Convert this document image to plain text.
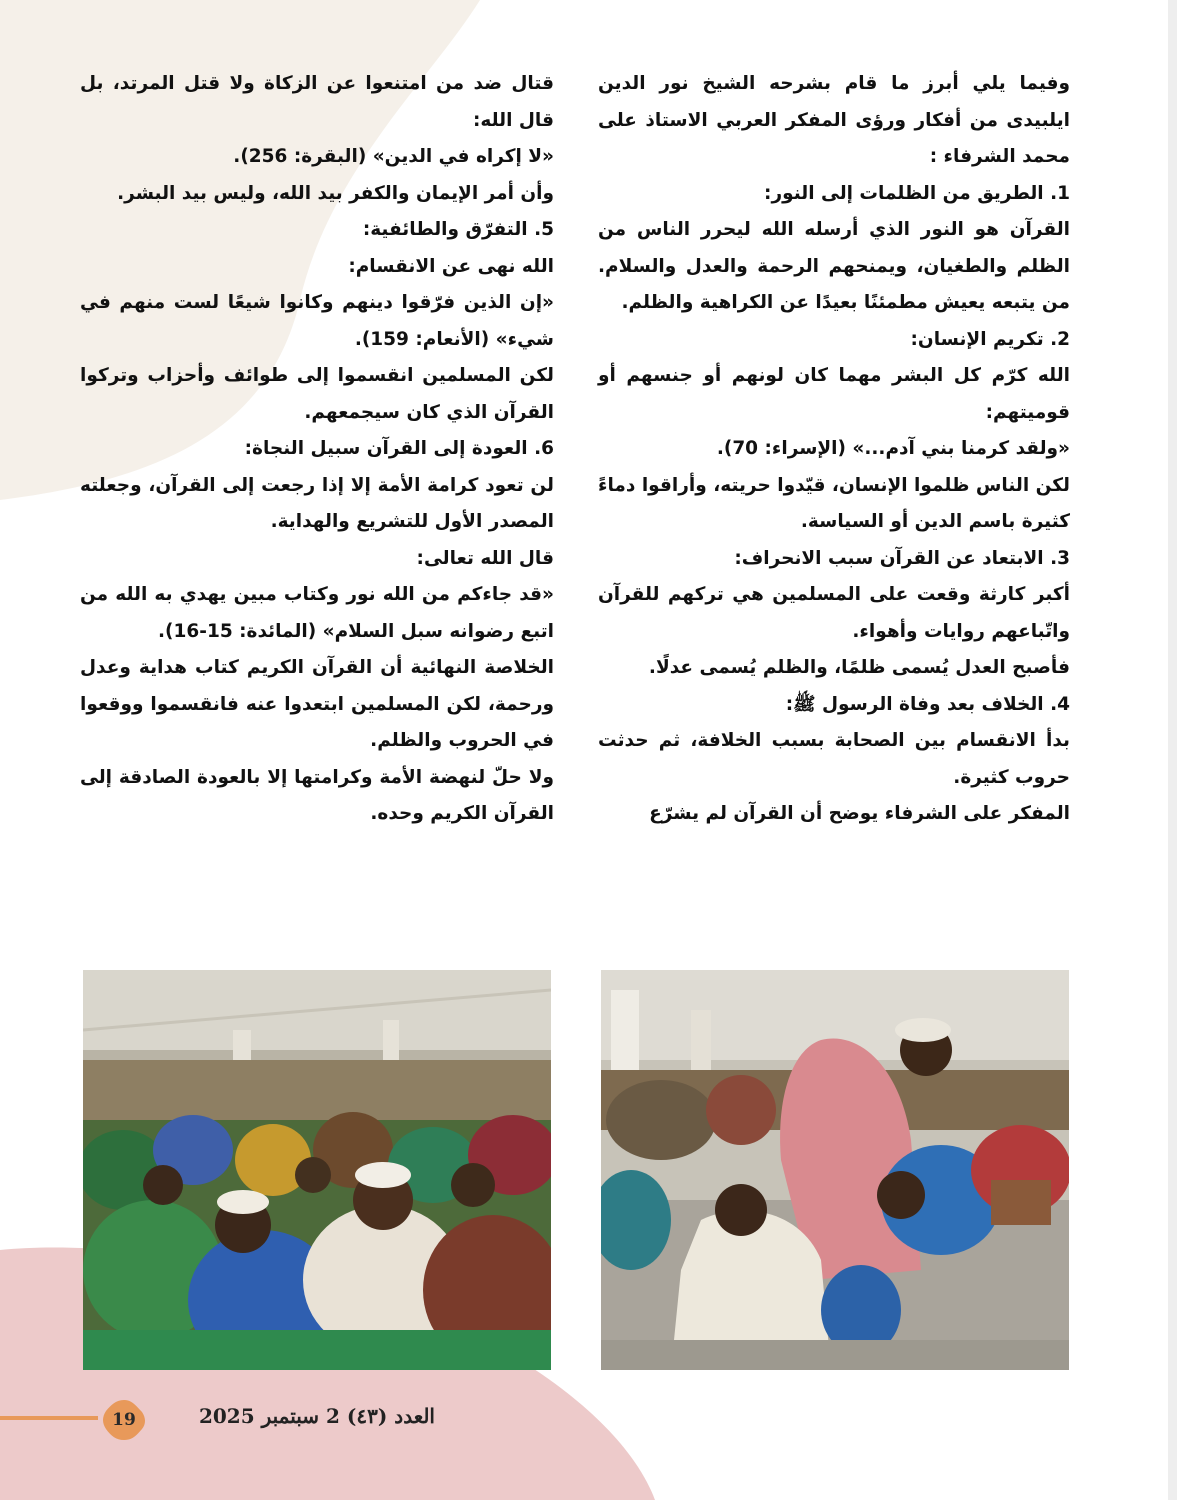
وفيما يلي أبرز ما قام بشرحه الشيخ نور الدين ايلبيدى من أفكار ورؤى المفكر العربي الاستاذ على محمد الشرفاء :

1. الطريق من الظلمات إلى النور:

القرآن هو النور الذي أرسله الله ليحرر الناس من الظلم والطغيان، ويمنحهم الرحمة والعدل والسلام. من يتبعه يعيش مطمئنًا بعيدًا عن الكراهية والظلم.

2. تكريم الإنسان:

الله كرّم كل البشر مهما كان لونهم أو جنسهم أو قوميتهم:

«ولقد كرمنا بني آدم...» (الإسراء: 70).

لكن الناس ظلموا الإنسان، قيّدوا حريته، وأراقوا دماءً كثيرة باسم الدين أو السياسة.

3. الابتعاد عن القرآن سبب الانحراف:

أكبر كارثة وقعت على المسلمين هي تركهم للقرآن واتّباعهم روايات وأهواء.

فأصبح العدل يُسمى ظلمًا، والظلم يُسمى عدلًا.

4. الخلاف بعد وفاة الرسول ﷺ:

بدأ الانقسام بين الصحابة بسبب الخلافة، ثم حدثت حروب كثيرة.

المفكر على الشرفاء يوضح أن القرآن لم يشرّع

قتال ضد من امتنعوا عن الزكاة ولا قتل المرتد، بل قال الله:

«لا إكراه في الدين» (البقرة: 256).

وأن أمر الإيمان والكفر بيد الله، وليس بيد البشر.

5. التفرّق والطائفية:

الله نهى عن الانقسام:

«إن الذين فرّقوا دينهم وكانوا شيعًا لست منهم في شيء» (الأنعام: 159).

لكن المسلمين انقسموا إلى طوائف وأحزاب وتركوا القرآن الذي كان سيجمعهم.

6. العودة إلى القرآن سبيل النجاة:

لن تعود كرامة الأمة إلا إذا رجعت إلى القرآن، وجعلته المصدر الأول للتشريع والهداية.

قال الله تعالى:

«قد جاءكم من الله نور وكتاب مبين يهدي به الله من اتبع رضوانه سبل السلام» (المائدة: 15-16).

الخلاصة النهائية أن القرآن الكريم كتاب هداية وعدل ورحمة، لكن المسلمين ابتعدوا عنه فانقسموا ووقعوا في الحروب والظلم.

ولا حلّ لنهضة الأمة وكرامتها إلا بالعودة الصادقة إلى القرآن الكريم وحده.

19	العدد (٤٣) 2 سبتمبر 2025
